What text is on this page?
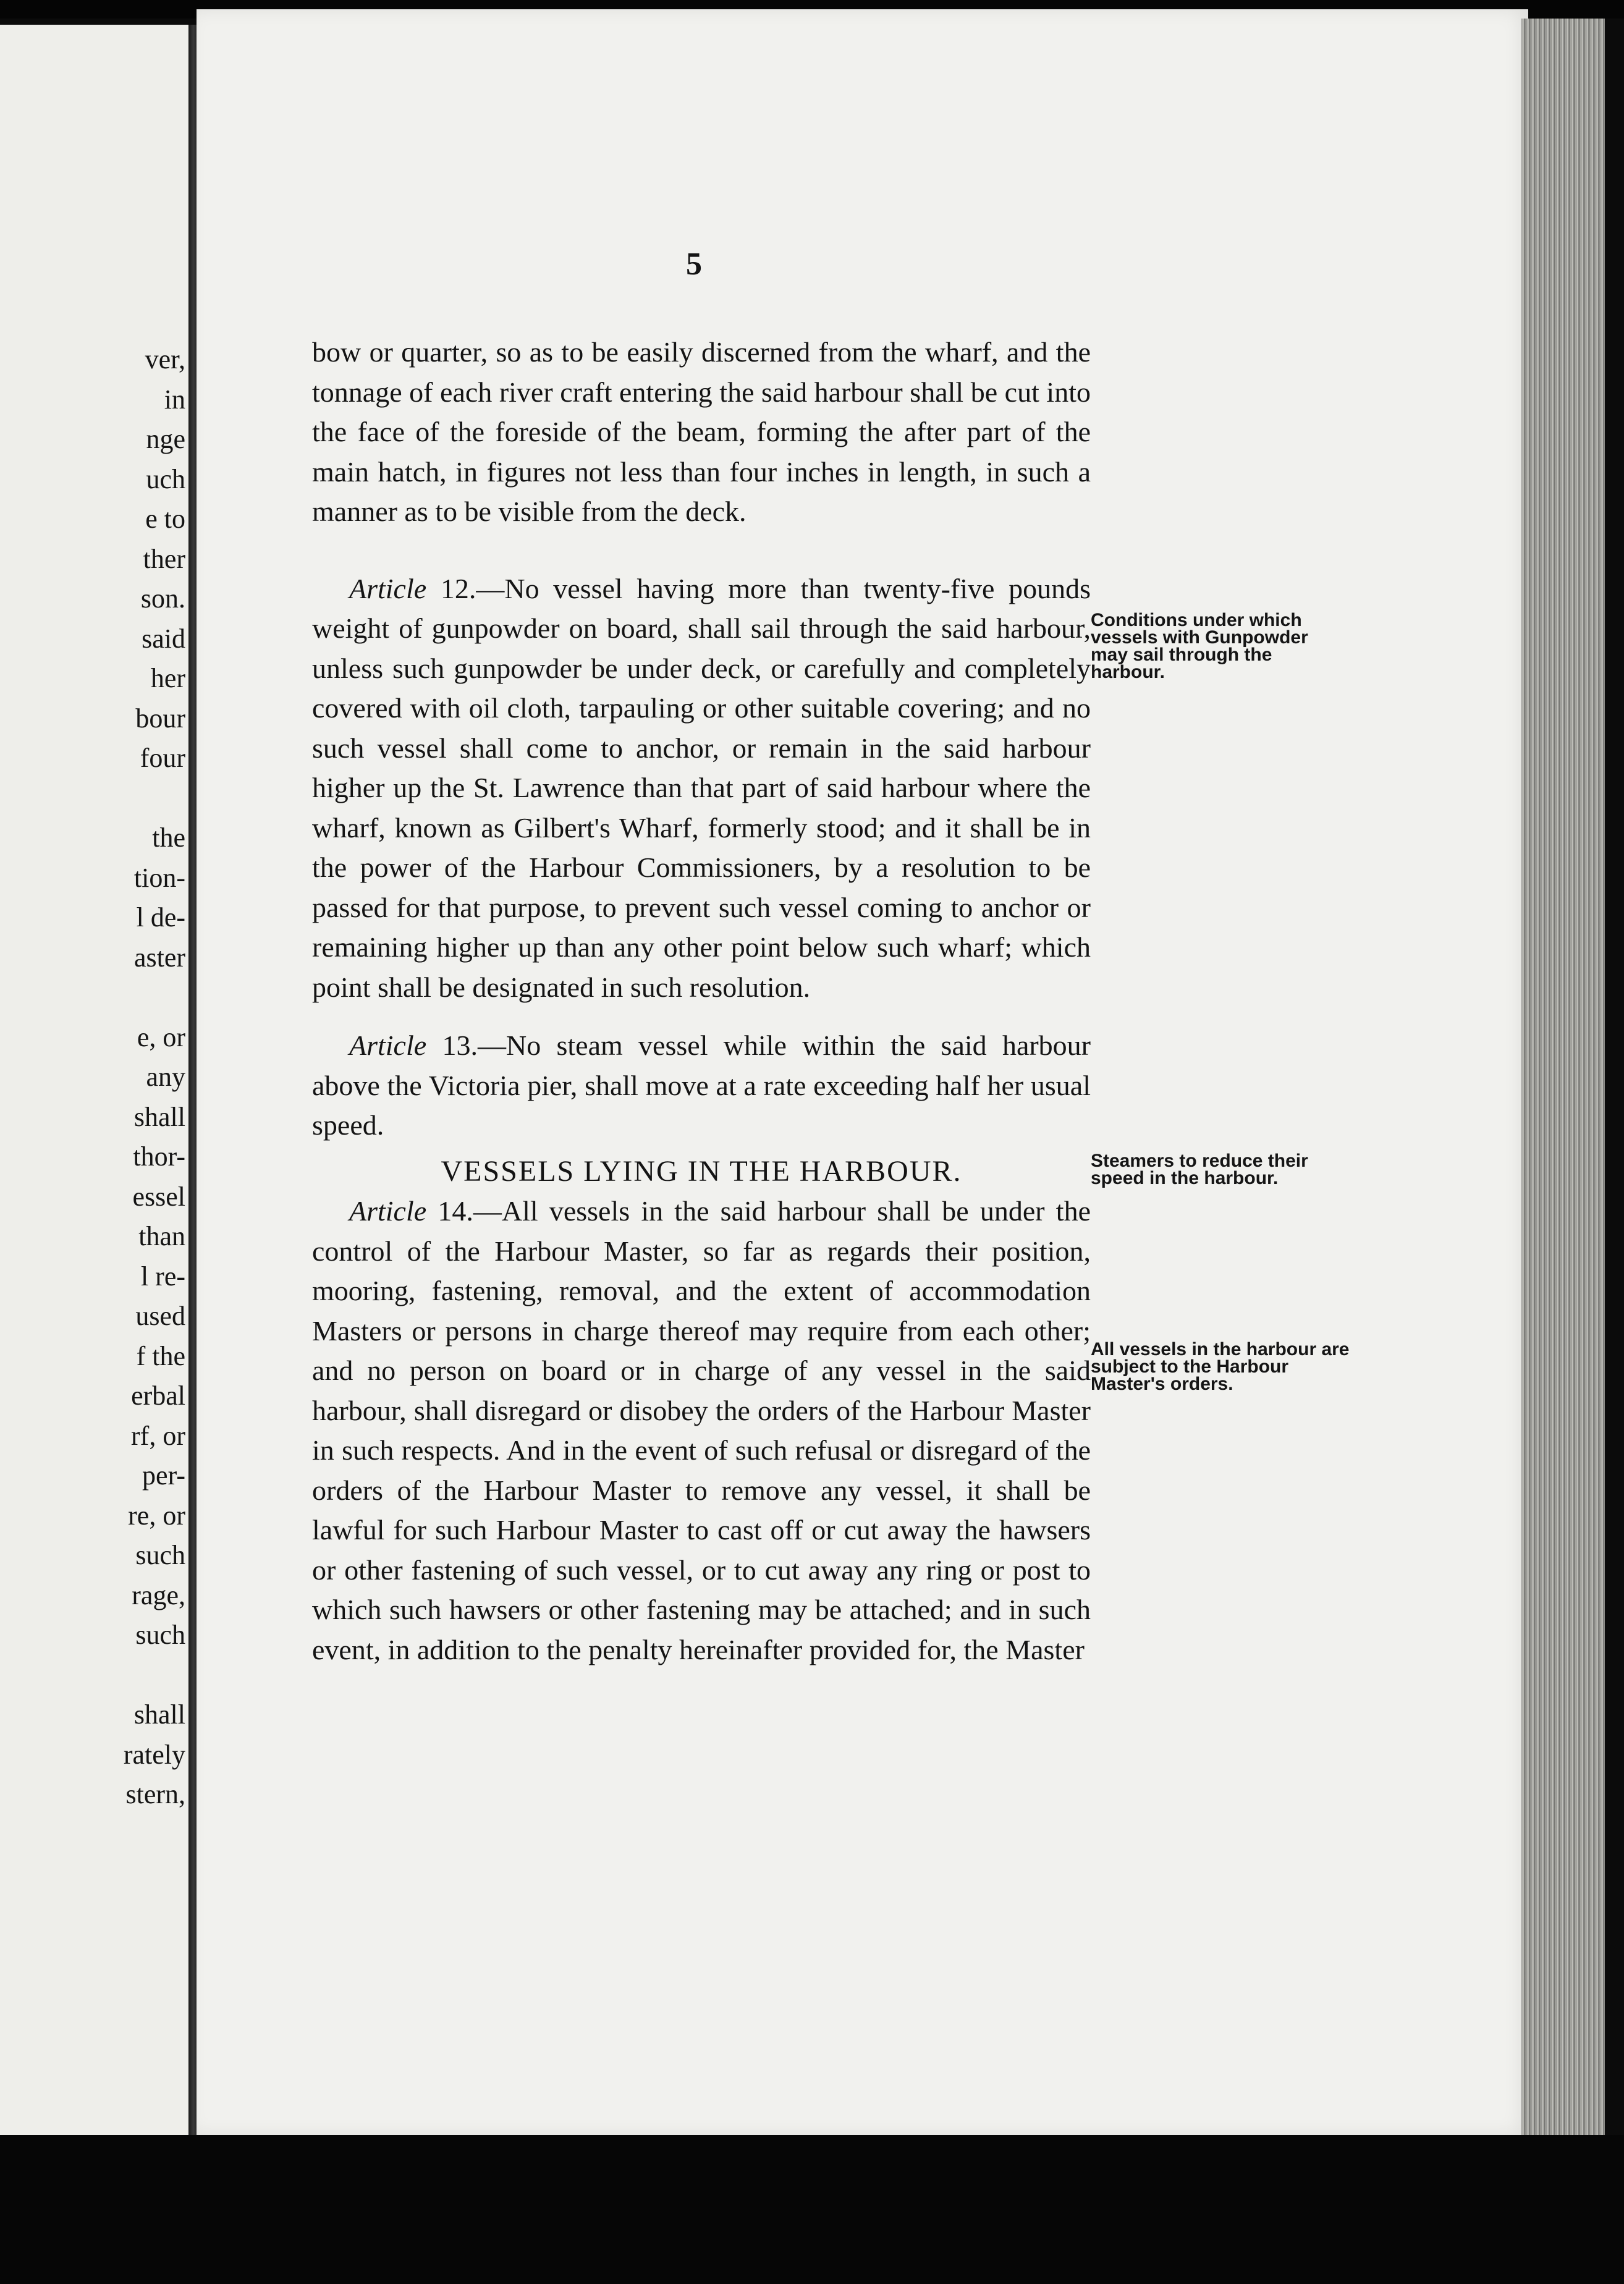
ver,
in
nge
uch
e to
ther
son.
said
her
bour
four
the
tion-
l de-
aster
e, or
any
shall
thor-
essel
than
l re-
used
f the
erbal
rf, or
per-
re, or
such
rage,
such
shall
rately
stern,
5

bow or quarter, so as to be easily discerned from the wharf, and the tonnage of each river craft entering the said harbour shall be cut into the face of the foreside of the beam, forming the after part of the main hatch, in figures not less than four inches in length, in such a manner as to be visible from the deck.

Article 12.—No vessel having more than twenty-five pounds weight of gunpowder on board, shall sail through the said harbour, unless such gunpowder be under deck, or carefully and completely covered with oil cloth, tarpauling or other suitable covering; and no such vessel shall come to anchor, or remain in the said harbour higher up the St. Lawrence than that part of said harbour where the wharf, known as Gilbert's Wharf, formerly stood; and it shall be in the power of the Harbour Commissioners, by a resolution to be passed for that purpose, to prevent such vessel coming to anchor or remaining higher up than any other point below such wharf; which point shall be designated in such resolution.

Article 13.—No steam vessel while within the said harbour above the Victoria pier, shall move at a rate exceeding half her usual speed.

VESSELS LYING IN THE HARBOUR.

Article 14.—All vessels in the said harbour shall be under the control of the Harbour Master, so far as regards their position, mooring, fastening, removal, and the extent of accommodation Masters or persons in charge thereof may require from each other; and no person on board or in charge of any vessel in the said harbour, shall disregard or disobey the orders of the Harbour Master in such respects. And in the event of such refusal or disregard of the orders of the Harbour Master to remove any vessel, it shall be lawful for such Harbour Master to cast off or cut away the hawsers or other fastening of such vessel, or to cut away any ring or post to which such hawsers or other fastening may be attached; and in such event, in addition to the penalty hereinafter provided for, the Master

Conditions under which vessels with Gunpowder may sail through the harbour.
Steamers to reduce their speed in the harbour.
All vessels in the harbour are subject to the Harbour Master's orders.
